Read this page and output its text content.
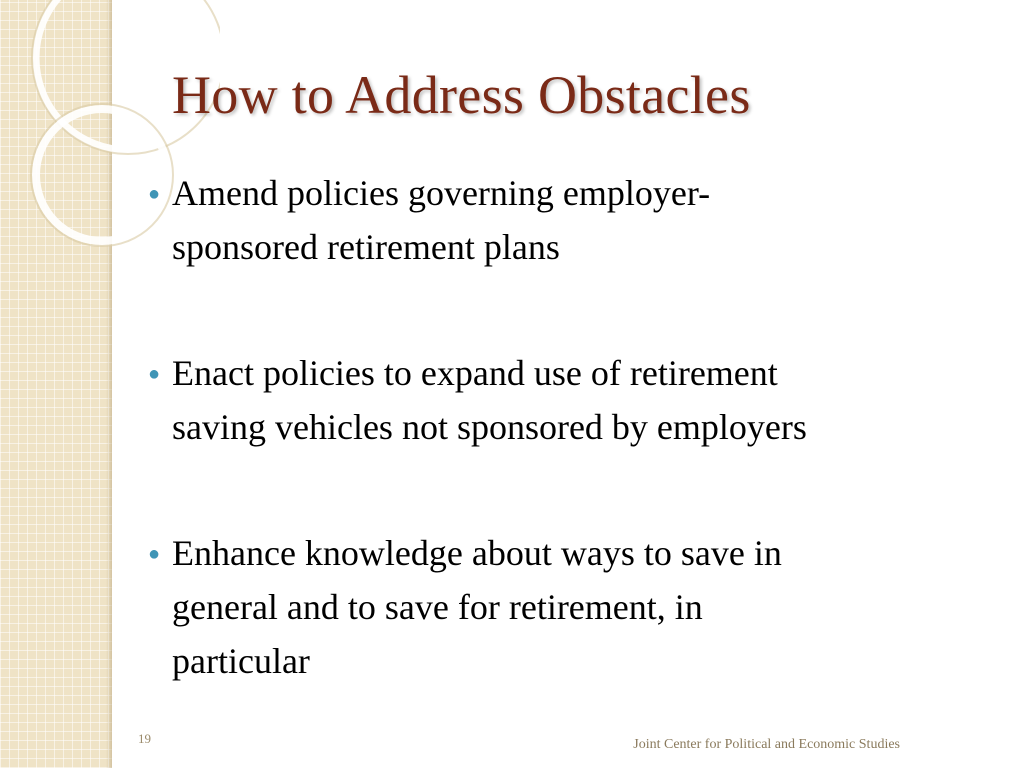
How to Address Obstacles
● Amend policies governing employer-
sponsored retirement plans
● Enact policies to expand use of retirement
saving vehicles not sponsored by employers
● Enhance knowledge about ways to save in
general and to save for retirement, in
particular
19	Joint Center for Political and Economic Studies
